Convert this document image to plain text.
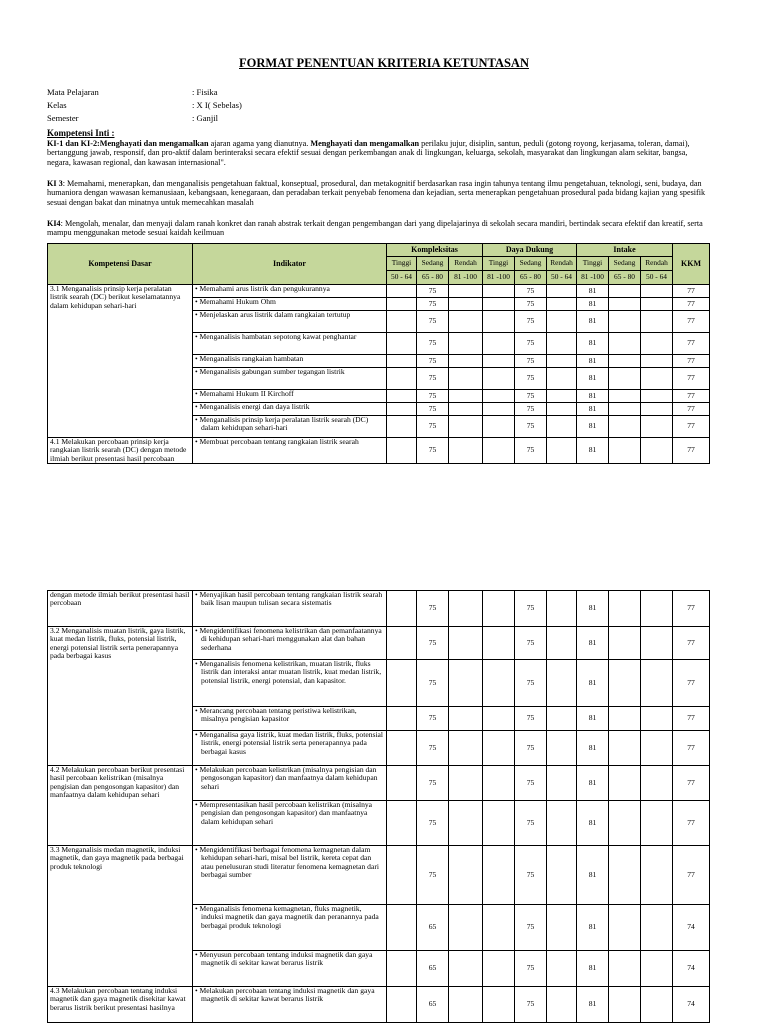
FORMAT PENENTUAN KRITERIA KETUNTASAN
Mata Pelajaran	: Fisika
Kelas	: X I( Sebelas)
Semester	: Ganjil
Kompetensi Inti :
KI-1 dan KI-2:Menghayati dan mengamalkan ajaran agama yang dianutnya. Menghayati dan mengamalkan perilaku jujur, disiplin, santun, peduli (gotong royong, kerjasama, toleran, damai), bertanggung jawab, responsif, dan pro-aktif dalam berinteraksi secara efektif sesuai dengan perkembangan anak di lingkungan, keluarga, sekolah, masyarakat dan lingkungan alam sekitar, bangsa, negara, kawasan regional, dan kawasan internasional".
KI 3: Memahami, menerapkan, dan menganalisis pengetahuan faktual, konseptual, prosedural, dan metakognitif berdasarkan rasa ingin tahunya tentang ilmu pengetahuan, teknologi, seni, budaya, dan humaniora dengan wawasan kemanusiaan, kebangsaan, kenegaraan, dan peradaban terkait penyebab fenomena dan kejadian, serta menerapkan pengetahuan prosedural pada bidang kajian yang spesifik sesuai dengan bakat dan minatnya untuk memecahkan masalah
KI4: Mengolah, menalar, dan menyaji dalam ranah konkret dan ranah abstrak terkait dengan pengembangan dari yang dipelajarinya di sekolah secara mandiri, bertindak secara efektif dan kreatif, serta mampu menggunakan metode sesuai kaidah keilmuan
Kompetensi Dasar	Indikator	Kompleksitas			Daya Dukung			Intake			KKM
		Tinggi	Sedang	Rendah	Tinggi	Sedang	Rendah	Tinggi	Sedang	Rendah	
		50 - 64	65 - 80	81 -100	81 -100	65 - 80	50 - 64	81 -100	65 - 80	50 - 64	
3.1 Menganalisis prinsip kerja peralatan listrik searah (DC) berikut keselamatannya dalam kehidupan sehari-hari	• Memahami arus listrik dan pengukurannya		75			75		81			77
	• Memahami Hukum Ohm		75			75		81			77
	• Menjelaskan arus listrik dalam rangkaian tertutup		75			75		81			77
	• Menganalisis hambatan sepotong kawat penghantar		75			75		81			77
	• Menganalisis rangkaian hambatan		75			75		81			77
	• Menganalisis gabungan sumber tegangan listrik		75			75		81			77
	• Memahami Hukum II Kirchoff		75			75		81			77
	• Menganalisis energi dan daya listrik		75			75		81			77
	• Menganalisis prinsip kerja peralatan listrik searah (DC) dalam kehidupan sehari-hari		75			75		81			77
4.1 Melakukan percobaan prinsip kerja rangkaian listrik searah (DC) dengan metode ilmiah berikut presentasi hasil percobaan	• Membuat percobaan tentang rangkaian listrik searah		75			75		81			77
dengan metode ilmiah berikut presentasi hasil percobaan	• Menyajikan hasil percobaan tentang rangkaian listrik searah baik lisan maupun tulisan secara sistematis		75			75		81			77
3.2 Menganalisis muatan listrik, gaya listrik, kuat medan listrik, fluks, potensial listrik, energi potensial listrik serta penerapannya pada berbagai kasus	• Mengidentifikasi fenomena kelistrikan dan pemanfaatannya di kehidupan sehari-hari menggunakan alat dan bahan sederhana		75			75		81			77
	• Menganalisis fenomena kelistrikan, muatan listrik, fluks listrik dan interaksi antar muatan listrik, kuat medan listrik, potensial listrik, energi potensial, dan kapasitor.		75			75		81			77
	• Merancang percobaan tentang peristiwa kelistrikan, misalnya pengisian kapasitor		75			75		81			77
	• Menganalisa gaya listrik, kuat medan listrik, fluks, potensial listrik, energi potensial listrik serta penerapannya pada berbagai kasus		75			75		81			77
4.2 Melakukan percobaan berikut presentasi hasil percobaan kelistrikan (misalnya pengisian dan pengosongan kapasitor) dan manfaatnya dalam kehidupan sehari	• Melakukan percobaan kelistrikan (misalnya pengisian dan pengosongan kapasitor) dan manfaatnya dalam kehidupan sehari		75			75		81			77
	• Mempresentasikan hasil percobaan kelistrikan (misalnya pengisian dan pengosongan kapasitor) dan manfaatnya dalam kehidupan sehari		75			75		81			77
3.3 Menganalisis medan magnetik, induksi magnetik, dan gaya magnetik pada berbagai produk teknologi	• Mengidentifikasi berbagai fenomena kemagnetan dalam kehidupan sehari-hari, misal bel listrik, kereta cepat dan atau penelusuran studi literatur fenomena kemagnetan dari berbagai sumber		75			75		81			77
	• Menganalisis fenomena kemagnetan, fluks magnetik, induksi magnetik dan gaya magnetik dan peranannya pada berbagai produk teknologi		65			75		81			74
	• Menyusun percobaan tentang induksi magnetik dan gaya magnetik di sekitar kawat berarus listrik		65			75		81			74
4.3 Melakukan percobaan tentang induksi magnetik dan gaya magnetik disekitar kawat berarus listrik berikut presentasi hasilnya	• Melakukan percobaan tentang induksi magnetik dan gaya magnetik di sekitar kawat berarus listrik		65			75		81			74
